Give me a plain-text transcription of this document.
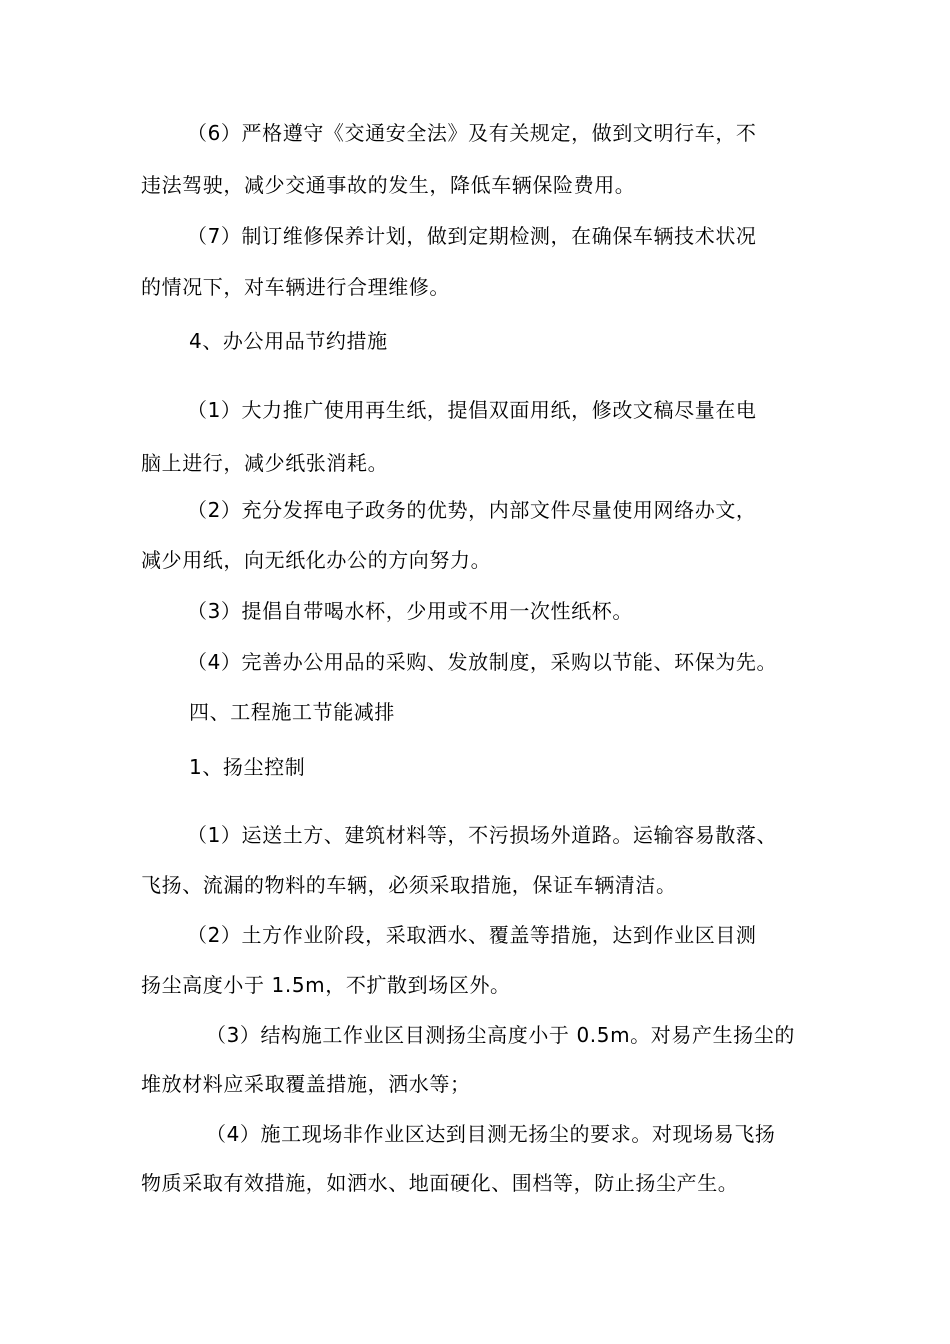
（6）严格遵守《交通安全法》及有关规定，做到文明行车，不
违法驾驶，减少交通事故的发生，降低车辆保险费用。
（7）制订维修保养计划，做到定期检测，在确保车辆技术状况
的情况下，对车辆进行合理维修。
4、办公用品节约措施
（1）大力推广使用再生纸，提倡双面用纸，修改文稿尽量在电
脑上进行，减少纸张消耗。
（2）充分发挥电子政务的优势，内部文件尽量使用网络办文，
减少用纸，向无纸化办公的方向努力。
（3）提倡自带喝水杯，少用或不用一次性纸杯。
（4）完善办公用品的采购、发放制度，采购以节能、环保为先。
四、工程施工节能减排
1、扬尘控制
（1）运送土方、建筑材料等，不污损场外道路。运输容易散落、
飞扬、流漏的物料的车辆，必须采取措施，保证车辆清洁。
（2）土方作业阶段，采取洒水、覆盖等措施，达到作业区目测
扬尘高度小于 1.5m，不扩散到场区外。
（3）结构施工作业区目测扬尘高度小于 0.5m。对易产生扬尘的
堆放材料应采取覆盖措施，洒水等；
（4）施工现场非作业区达到目测无扬尘的要求。对现场易飞扬
物质采取有效措施，如洒水、地面硬化、围档等，防止扬尘产生。
